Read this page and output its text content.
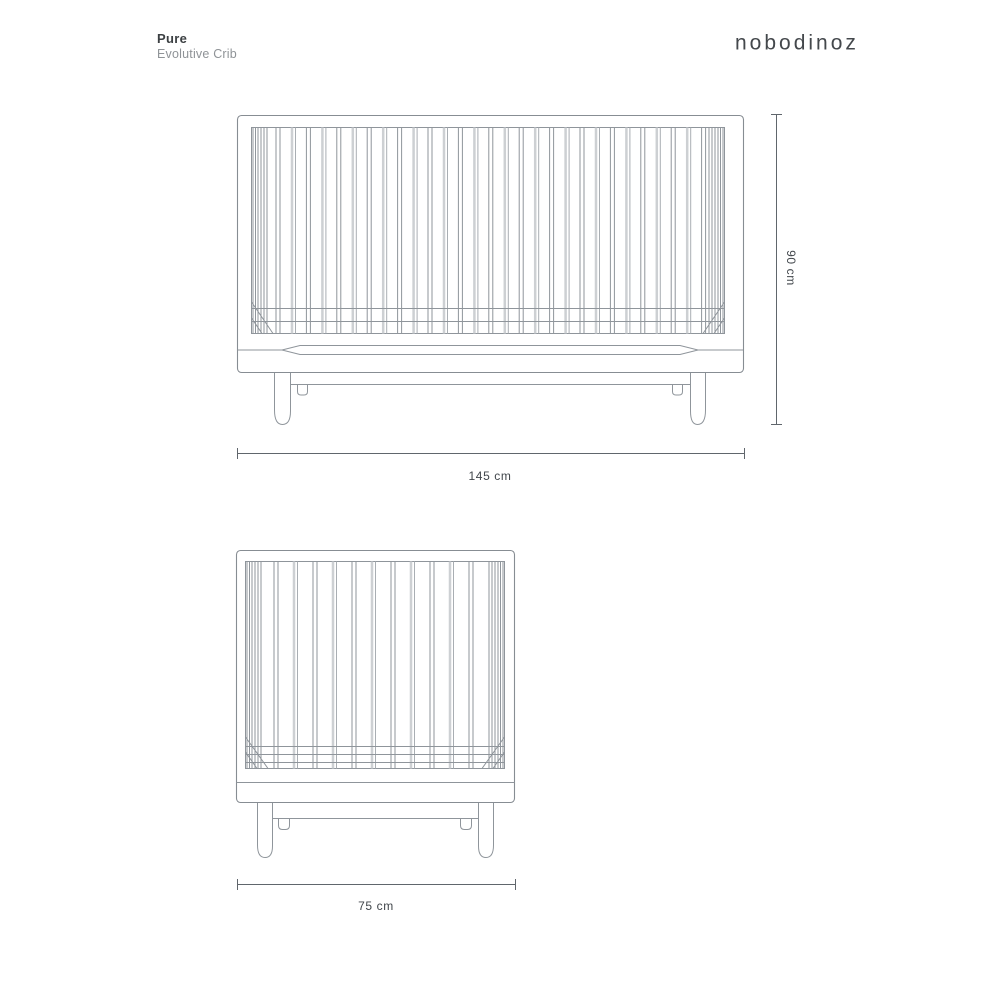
Pure
Evolutive Crib	nobodinoz
145 cm
90 cm
75 cm
